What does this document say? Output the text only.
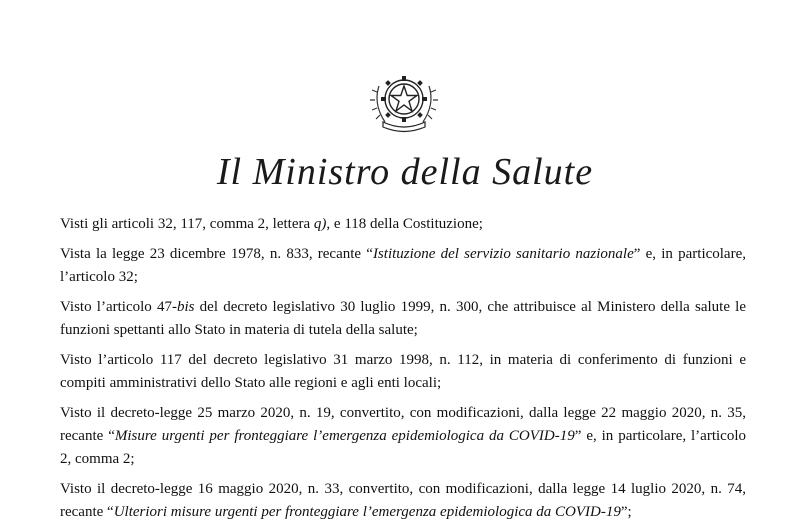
Il Ministro della Salute

Visti gli articoli 32, 117, comma 2, lettera q), e 118 della Costituzione;

Vista la legge 23 dicembre 1978, n. 833, recante “Istituzione del servizio sanitario nazionale” e, in particolare, l’articolo 32;

Visto l’articolo 47-bis del decreto legislativo 30 luglio 1999, n. 300, che attribuisce al Ministero della salute le funzioni spettanti allo Stato in materia di tutela della salute;

Visto l’articolo 117 del decreto legislativo 31 marzo 1998, n. 112, in materia di conferimento di funzioni e compiti amministrativi dello Stato alle regioni e agli enti locali;

Visto il decreto-legge 25 marzo 2020, n. 19, convertito, con modificazioni, dalla legge 22 maggio 2020, n. 35, recante “Misure urgenti per fronteggiare l’emergenza epidemiologica da COVID-19” e, in particolare, l’articolo 2, comma 2;

Visto il decreto-legge 16 maggio 2020, n. 33, convertito, con modificazioni, dalla legge 14 luglio 2020, n. 74, recante “Ulteriori misure urgenti per fronteggiare l’emergenza epidemiologica da COVID-19”;
